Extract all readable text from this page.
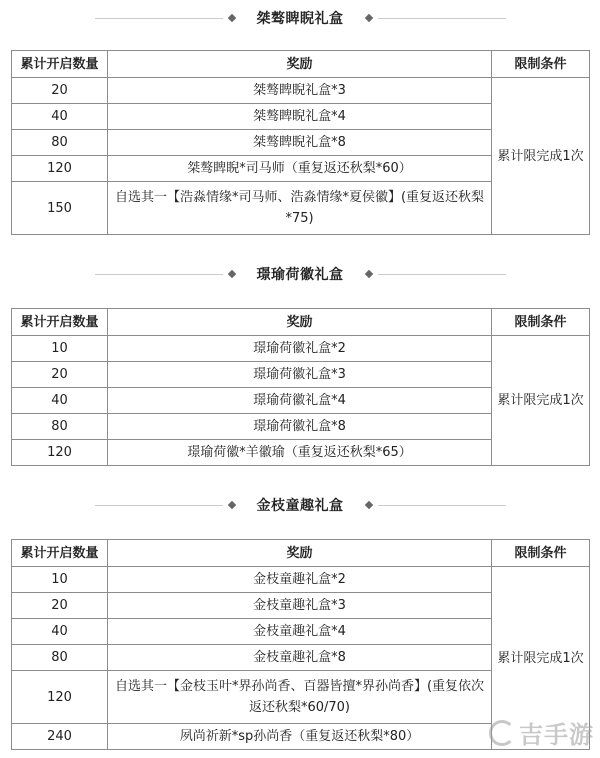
桀骜睥睨礼盒
累计开启数量	奖励	限制条件
20	桀骜睥睨礼盒*3	累计限完成1次
40	桀骜睥睨礼盒*4	
80	桀骜睥睨礼盒*8	
120	桀骜睥睨*司马师（重复返还秋梨*60）	
150	自选其一【浩淼情缘*司马师、浩淼情缘*夏侯徽】(重复返还秋梨*75)	
璟瑜荷徽礼盒
累计开启数量	奖励	限制条件
10	璟瑜荷徽礼盒*2	累计限完成1次
20	璟瑜荷徽礼盒*3	
40	璟瑜荷徽礼盒*4	
80	璟瑜荷徽礼盒*8	
120	璟瑜荷徽*羊徽瑜（重复返还秋梨*65）	
金枝童趣礼盒
累计开启数量	奖励	限制条件
10	金枝童趣礼盒*2	累计限完成1次
20	金枝童趣礼盒*3	
40	金枝童趣礼盒*4	
80	金枝童趣礼盒*8	
120	自选其一【金枝玉叶*界孙尚香、百器皆擅*界孙尚香】(重复依次返还秋梨*60/70)	
240	夙尚祈新*sp孙尚香（重复返还秋梨*80）		吉手游
